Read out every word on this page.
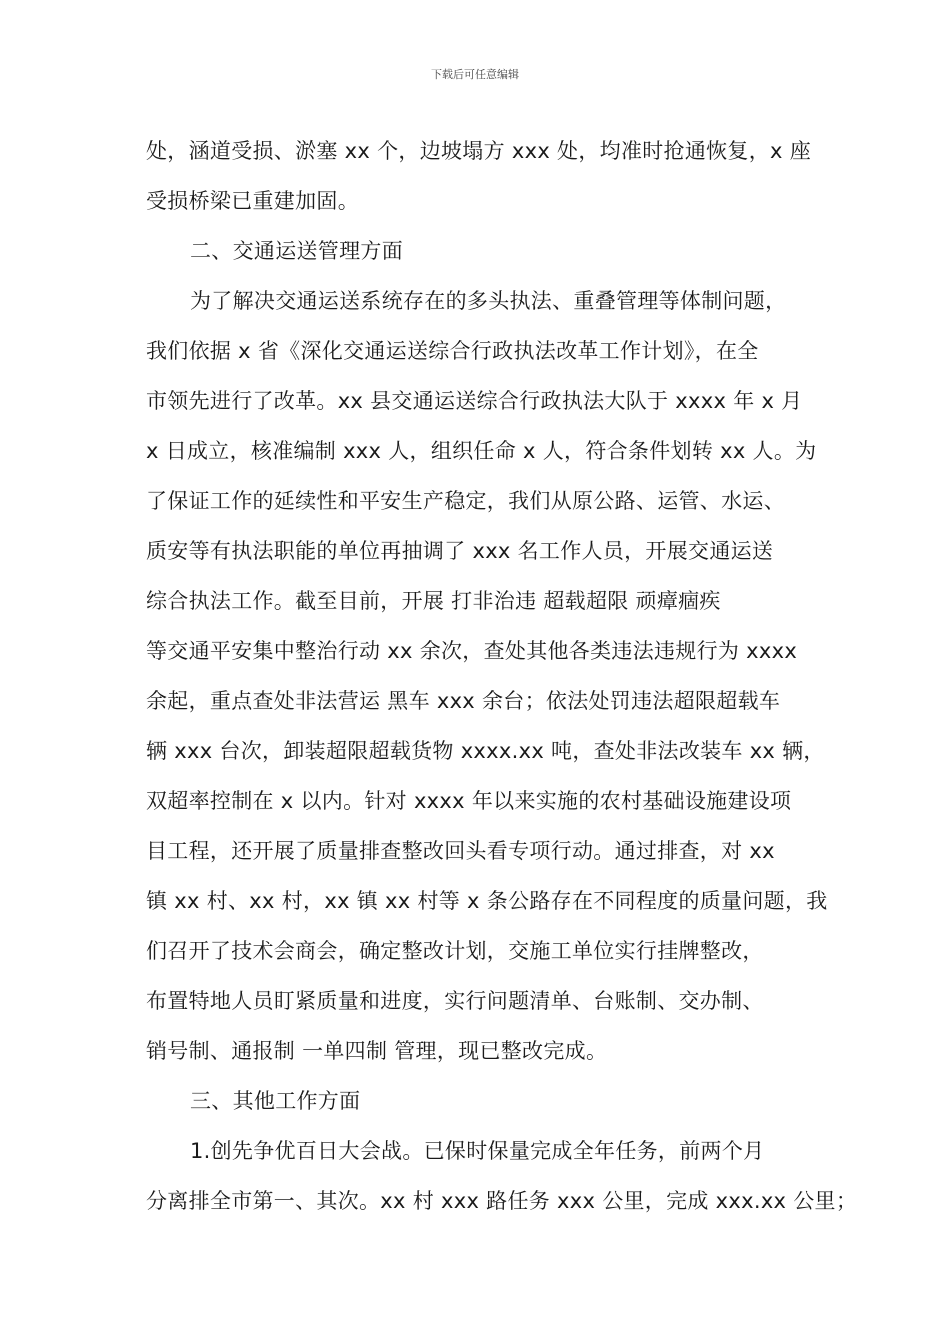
下载后可任意编辑
处，涵道受损、淤塞 xx 个，边坡塌方 xxx 处，均准时抢通恢复，x 座
受损桥梁已重建加固。
二、交通运送管理方面
为了解决交通运送系统存在的多头执法、重叠管理等体制问题，
我们依据 x 省《深化交通运送综合行政执法改革工作计划》，在全
市领先进行了改革。xx 县交通运送综合行政执法大队于 xxxx 年 x 月
x 日成立，核准编制 xxx 人，组织任命 x 人，符合条件划转 xx 人。为
了保证工作的延续性和平安生产稳定，我们从原公路、运管、水运、
质安等有执法职能的单位再抽调了 xxx 名工作人员，开展交通运送
综合执法工作。截至目前，开展 打非治违 超载超限 顽瘴痼疾
等交通平安集中整治行动 xx 余次，查处其他各类违法违规行为 xxxx
余起，重点查处非法营运 黑车 xxx 余台；依法处罚违法超限超载车
辆 xxx 台次，卸装超限超载货物 xxxx.xx 吨，查处非法改装车 xx 辆，
双超率控制在 x 以内。针对 xxxx 年以来实施的农村基础设施建设项
目工程，还开展了质量排查整改回头看专项行动。通过排查，对 xx
镇 xx 村、xx 村，xx 镇 xx 村等 x 条公路存在不同程度的质量问题，我
们召开了技术会商会，确定整改计划，交施工单位实行挂牌整改，
布置特地人员盯紧质量和进度，实行问题清单、台账制、交办制、
销号制、通报制 一单四制 管理，现已整改完成。
三、其他工作方面
1.创先争优百日大会战。已保时保量完成全年任务，前两个月
分离排全市第一、其次。xx 村 xxx 路任务 xxx 公里，完成 xxx.xx 公里；
